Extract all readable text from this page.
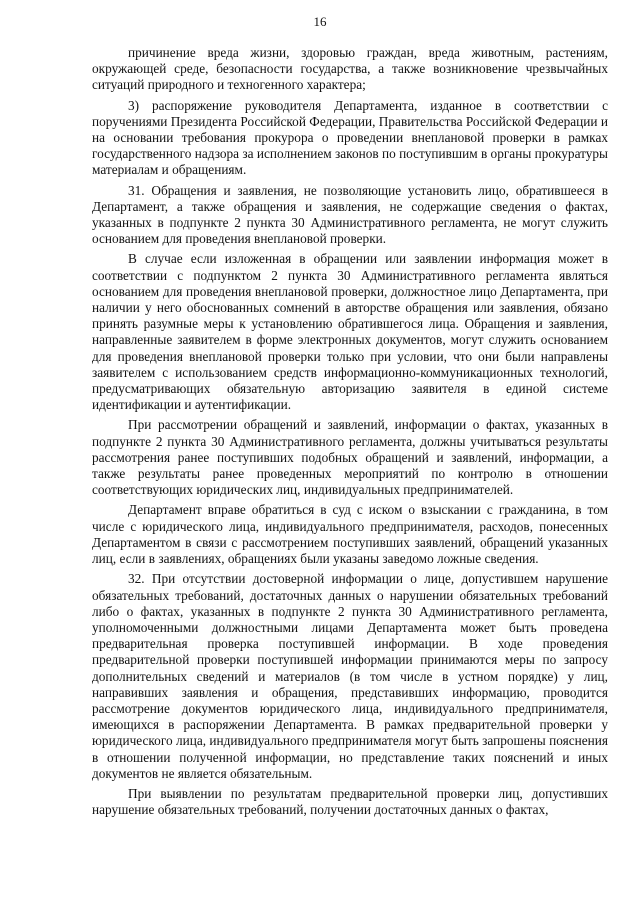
16

причинение вреда жизни, здоровью граждан, вреда животным, растениям, окружающей среде, безопасности государства, а также возникновение чрезвычайных ситуаций природного и техногенного характера;

3) распоряжение руководителя Департамента, изданное в соответствии с поручениями Президента Российской Федерации, Правительства Российской Федерации и на основании требования прокурора о проведении внеплановой проверки в рамках государственного надзора за исполнением законов по поступившим в органы прокуратуры материалам и обращениям.

31. Обращения и заявления, не позволяющие установить лицо, обратившееся в Департамент, а также обращения и заявления, не содержащие сведения о фактах, указанных в подпункте 2 пункта 30 Административного регламента, не могут служить основанием для проведения внеплановой проверки.

В случае если изложенная в обращении или заявлении информация может в соответствии с подпунктом 2 пункта 30 Административного регламента являться основанием для проведения внеплановой проверки, должностное лицо Департамента, при наличии у него обоснованных сомнений в авторстве обращения или заявления, обязано принять разумные меры к установлению обратившегося лица. Обращения и заявления, направленные заявителем в форме электронных документов, могут служить основанием для проведения внеплановой проверки только при условии, что они были направлены заявителем с использованием средств информационно-коммуникационных технологий, предусматривающих обязательную авторизацию заявителя в единой системе идентификации и аутентификации.

При рассмотрении обращений и заявлений, информации о фактах, указанных в подпункте 2 пункта 30 Административного регламента, должны учитываться результаты рассмотрения ранее поступивших подобных обращений и заявлений, информации, а также результаты ранее проведенных мероприятий по контролю в отношении соответствующих юридических лиц, индивидуальных предпринимателей.

Департамент вправе обратиться в суд с иском о взыскании с гражданина, в том числе с юридического лица, индивидуального предпринимателя, расходов, понесенных Департаментом в связи с рассмотрением поступивших заявлений, обращений указанных лиц, если в заявлениях, обращениях были указаны заведомо ложные сведения.

32. При отсутствии достоверной информации о лице, допустившем нарушение обязательных требований, достаточных данных о нарушении обязательных требований либо о фактах, указанных в подпункте 2 пункта 30 Административного регламента, уполномоченными должностными лицами Департамента может быть проведена предварительная проверка поступившей информации. В ходе проведения предварительной проверки поступившей информации принимаются меры по запросу дополнительных сведений и материалов (в том числе в устном порядке) у лиц, направивших заявления и обращения, представивших информацию, проводится рассмотрение документов юридического лица, индивидуального предпринимателя, имеющихся в распоряжении Департамента. В рамках предварительной проверки у юридического лица, индивидуального предпринимателя могут быть запрошены пояснения в отношении полученной информации, но представление таких пояснений и иных документов не является обязательным.

При выявлении по результатам предварительной проверки лиц, допустивших нарушение обязательных требований, получении достаточных данных о фактах,
